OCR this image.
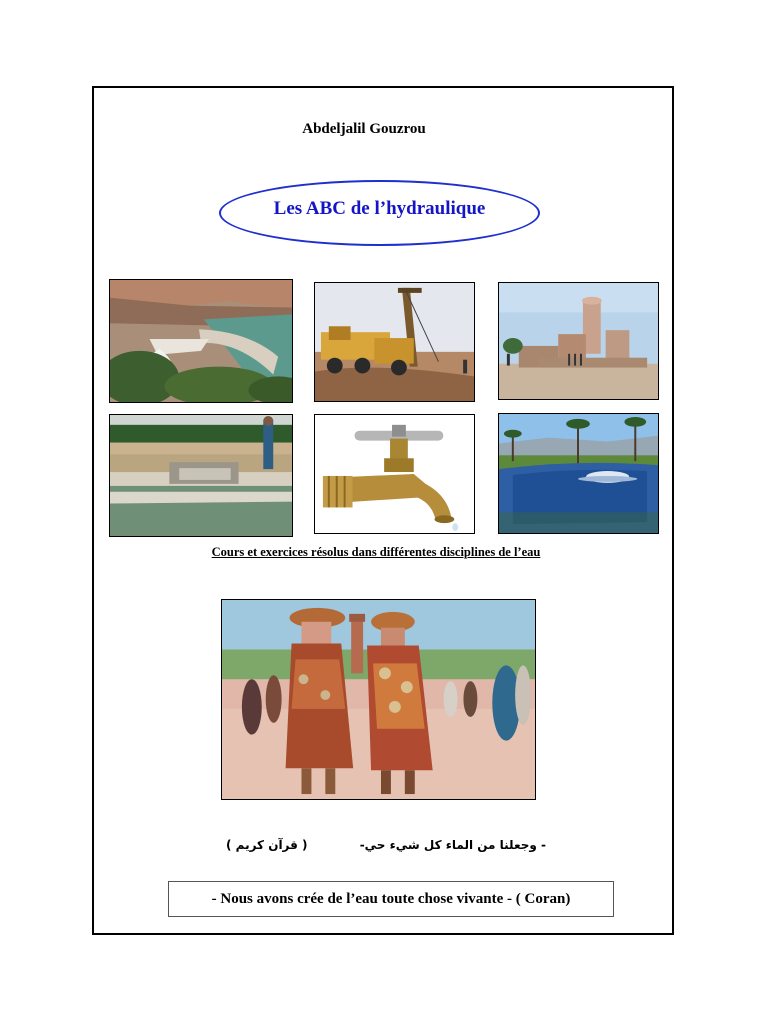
Abdeljalil Gouzrou
Les ABC de l’hydraulique
Cours et exercices résolus dans différentes disciplines de l’eau
- وجعلنا من الماء كل شيء حي-
( قرآن كريم )
- Nous avons crée de l’eau toute chose vivante - ( Coran)
